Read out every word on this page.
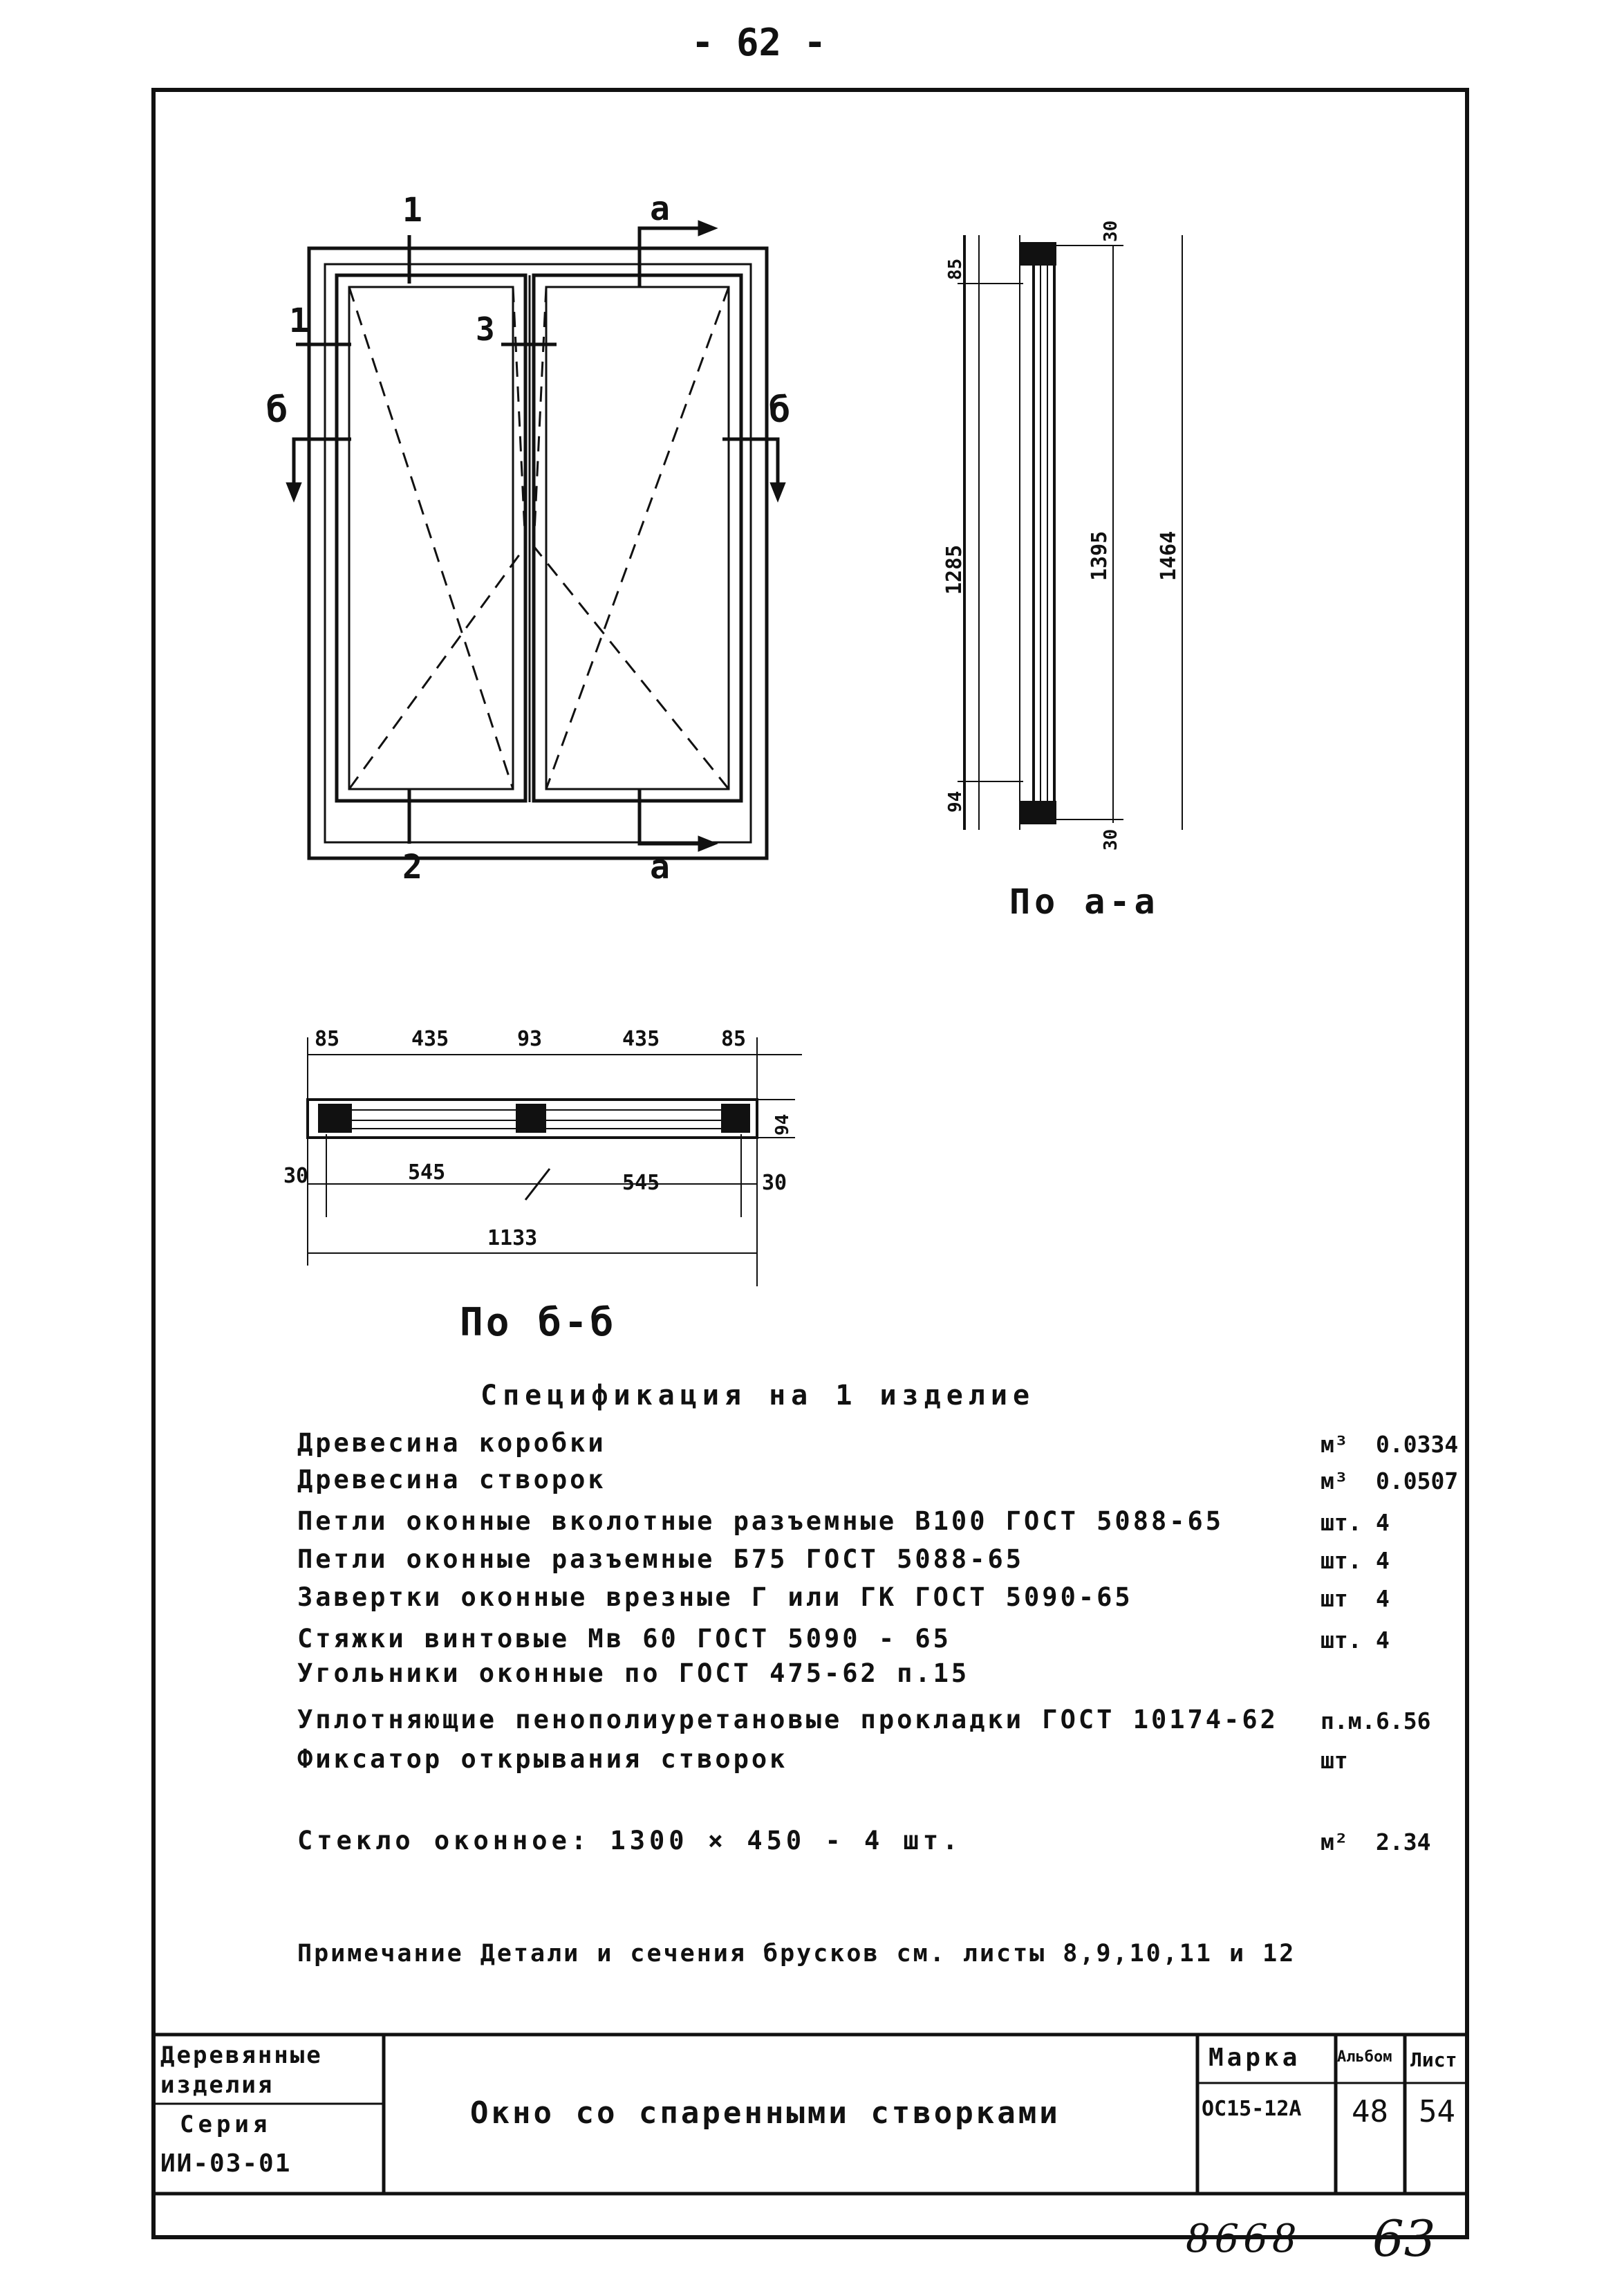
- 62 -
1
1	3
2
a
a
б	б
85
1285
94
1395 1464
30
30
85	435	93	435	85
30	545	545	30
94
1133
По а-а
По б-б
Спецификация на 1 изделие
Древесина коробки	м³ 0.0334
Древесина створок	м³ 0.0507
Петли оконные вколотные разъемные В100 ГОСТ 5088-65	шт. 4
Петли оконные разъемные Б75 ГОСТ 5088-65	шт. 4
Завертки оконные врезные Г или ГК ГОСТ 5090-65	шт 4
Стяжки винтовые Мв 60 ГОСТ 5090 - 65	шт. 4
Угольники оконные по ГОСТ 475-62 п.15
Уплотняющие пенополиуретановые прокладки ГОСТ 10174-62 п.м. 6.56
Фиксатор открывания створок	шт
Стекло оконное: 1300 × 450 - 4 шт.	м² 2.34
Примечание Детали и сечения брусков см. листы 8,9,10,11 и 12
Деревянные
изделия
Серия
ИИ-03-01
Окно со спаренными створками
Марка
ОС15-12А
Альбом
48
Лист
54
8668 63
